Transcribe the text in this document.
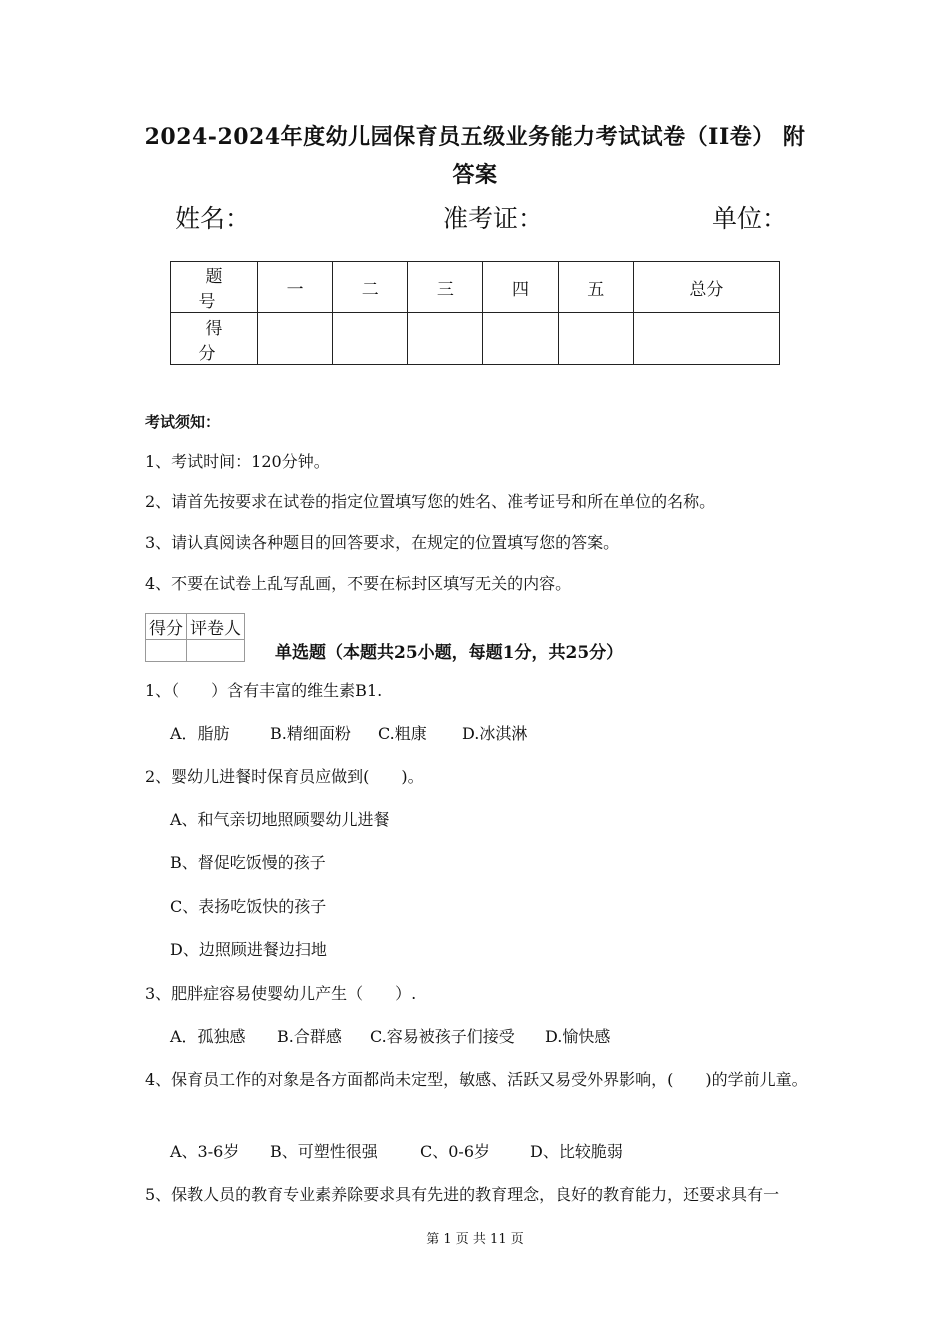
2024-2024年度幼儿园保育员五级业务能力考试试卷（II卷） 附答案
姓名：	准考证：	单位：
题 号	一	二	三	四	五	总分
得 分						
考试须知：
1、考试时间：120分钟。
2、请首先按要求在试卷的指定位置填写您的姓名、准考证号和所在单位的名称。
3、请认真阅读各种题目的回答要求，在规定的位置填写您的答案。
4、不要在试卷上乱写乱画，不要在标封区填写无关的内容。
得分	评卷人

单选题（本题共25小题，每题1分，共25分）
1、（　　）含有丰富的维生素B1.
A．脂肪	B.精细面粉 C.粗康 D.冰淇淋
2、婴幼儿进餐时保育员应做到(　　)。
A、和气亲切地照顾婴幼儿进餐
B、督促吃饭慢的孩子
C、表扬吃饭快的孩子
D、边照顾进餐边扫地
3、肥胖症容易使婴幼儿产生（　　）.
A．孤独感 B.合群感 C.容易被孩子们接受 D.愉快感
4、保育员工作的对象是各方面都尚未定型，敏感、活跃又易受外界影响，(　　)的学前儿童。
A、3-6岁 B、可塑性很强	C、0-6岁 D、比较脆弱
5、保教人员的教育专业素养除要求具有先进的教育理念，良好的教育能力，还要求具有一
第 1 页 共 11 页
